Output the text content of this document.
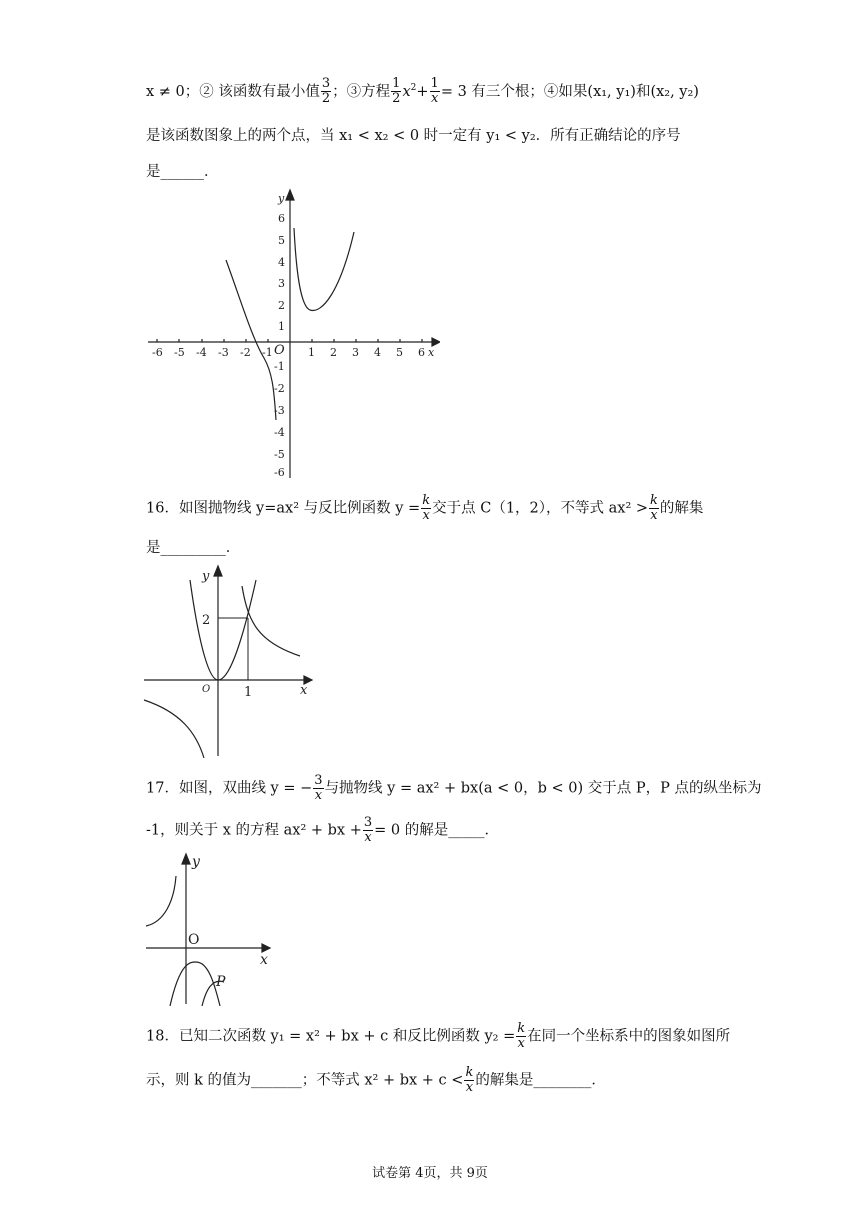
x ≠ 0；② 该函数有最小值 $\frac{3}{2}$ ；③方程 $\frac{1}{2} x^2+ \frac{1}{x} = 3$ 有三个根；④如果(x₁, y₁)和(x₂, y₂)
是该函数图象上的两个点，当 x₁ < x₂ < 0 时一定有 y₁ < y₂．所有正确结论的序号
是______．
-6 -5 -4 -3 -2 -1 O 1 2 3 4 5 6 x
y
6
5
4
3
2
1
-1
-2
-3
-4
-5
-6
16．如图抛物线 y=ax² 与反比例函数 $y = \frac{k}{x}$ 交于点 C（1，2），不等式 $ax^2 > \frac{k}{x}$ 的解集
是_________．
y
x
O
2
1
17．如图，双曲线 y = − $\frac{3}{x}$ 与抛物线 y = ax² + bx(a < 0，b < 0) 交于点 P，P 点的纵坐标为
-1，则关于 x 的方程 ax² + bx + $\frac{3}{x} = 0$ 的解是_____．
y
x
O
P
18．已知二次函数 y₁ = x² + bx + c 和反比例函数 $y_2 = \frac{k}{x}$ 在同一个坐标系中的图象如图所
示，则 k 的值为_______；不等式 x² + bx + $c < \frac{k}{x}$ 的解集是________．
试卷第 4页，共 9页
